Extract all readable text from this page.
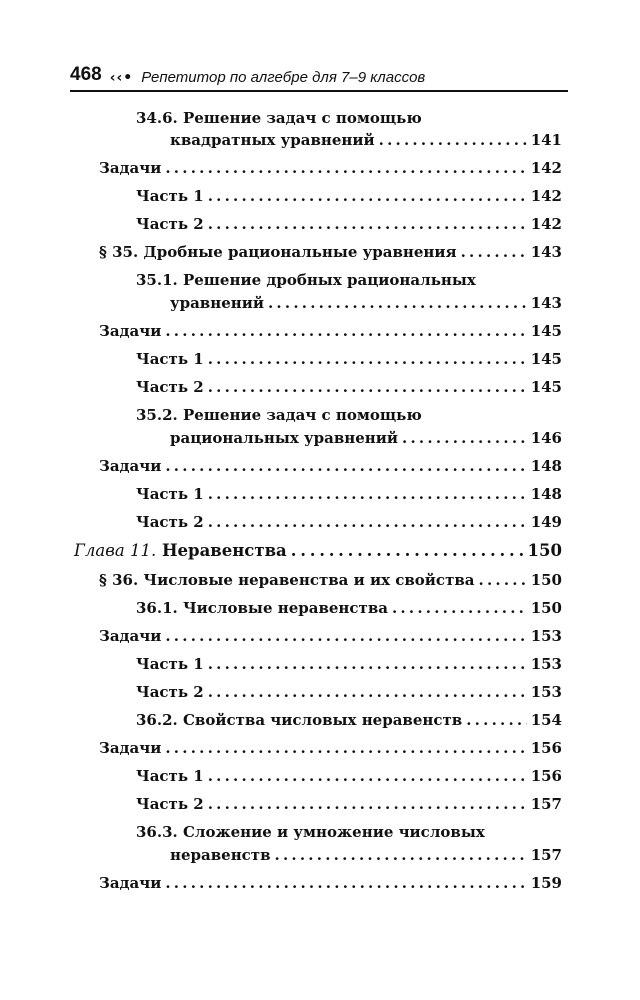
468 ‹‹• Репетитор по алгебре для 7–9 классов
34.6. Решение задач с помощью
квадратных уравнений . . .	141
Задачи . . .	142
Часть 1 . . .	142
Часть 2 . . .	142
§ 35. Дробные рациональные уравнения . . .	143
35.1. Решение дробных рациональных
уравнений . . .	143
Задачи . . .	145
Часть 1 . . .	145
Часть 2 . . .	145
35.2. Решение задач с помощью
рациональных уравнений . . .	146
Задачи . . .	148
Часть 1 . . .	148
Часть 2 . . .	149
Глава 11. Неравенства . . .	150
§ 36. Числовые неравенства и их свойства . . .	150
36.1. Числовые неравенства . . .	150
Задачи . . .	153
Часть 1 . . .	153
Часть 2 . . .	153
36.2. Свойства числовых неравенств . . .	154
Задачи . . .	156
Часть 1 . . .	156
Часть 2 . . .	157
36.3. Сложение и умножение числовых
неравенств . . .	157
Задачи . . .	159
